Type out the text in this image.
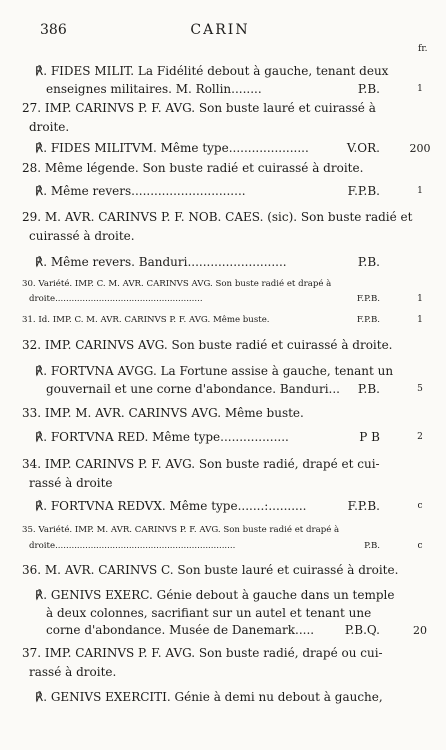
386	CARIN
fr.
℟. FIDES MILIT. La Fidélité debout à gauche, tenant deux
enseignes militaires. M. Rollin........	P.B.	1
27. IMP. CARINVS P. F. AVG. Son buste lauré et cuirassé à
droite.
℟. FIDES MILITVM. Même type.....................	V.OR.	200
28. Même légende. Son buste radié et cuirassé à droite.
℟. Même revers..............................	F.P.B.	1
29. M. AVR. CARINVS P. F. NOB. CAES. (sic). Son buste radié et
cuirassé à droite.
℟. Même revers. Banduri..........................	P.B.
30. Variété. IMP. C. M. AVR. CARINVS AVG. Son buste radié et drapé à
droite......................................................	F.P.B.	1
31. Id. IMP. C. M. AVR. CARINVS P. F. AVG. Même buste.	F.P.B.	1
32. IMP. CARINVS AVG. Son buste radié et cuirassé à droite.
℟. FORTVNA AVGG. La Fortune assise à gauche, tenant un
gouvernail et une corne d'abondance. Banduri... P.B.	5
33. IMP. M. AVR. CARINVS AVG. Même buste.
℟. FORTVNA RED. Même type..................	P B	2
34. IMP. CARINVS P. F. AVG. Son buste radié, drapé et cui-
rassé à droite
℟. FORTVNA REDVX. Même type.......:..........	F.P.B.	c
35. Variété. IMP. M. AVR. CARINVS P. F. AVG. Son buste radié et drapé à
droite..................................................................	P.B.	c
36. M. AVR. CARINVS C. Son buste lauré et cuirassé à droite.
℟. GENIVS EXERC. Génie debout à gauche dans un temple
à deux colonnes, sacrifiant sur un autel et tenant une
corne d'abondance. Musée de Danemark.....	P.B.Q.	20
37. IMP. CARINVS P. F. AVG. Son buste radié, drapé ou cui-
rassé à droite.
℟. GENIVS EXERCITI. Génie à demi nu debout à gauche,
